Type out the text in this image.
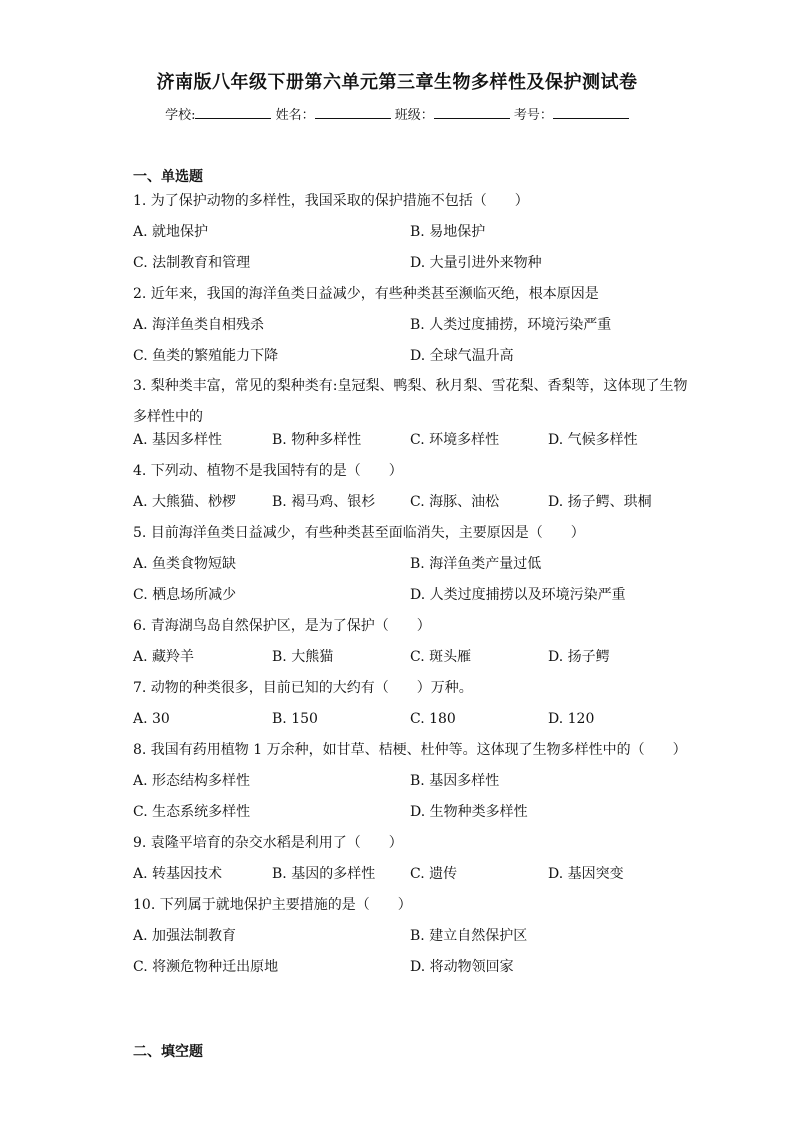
济南版八年级下册第六单元第三章生物多样性及保护测试卷
学校:	姓名：	班级：	考号：
一、单选题
1. 为了保护动物的多样性，我国采取的保护措施不包括（　　）
A. 就地保护	B. 易地保护
C. 法制教育和管理	D. 大量引进外来物种
2. 近年来，我国的海洋鱼类日益减少，有些种类甚至濒临灭绝，根本原因是
A. 海洋鱼类自相残杀	B. 人类过度捕捞，环境污染严重
C. 鱼类的繁殖能力下降	D. 全球气温升高
3. 梨种类丰富，常见的梨种类有:皇冠梨、鸭梨、秋月梨、雪花梨、香梨等，这体现了生物多样性中的
A. 基因多样性	B. 物种多样性	C. 环境多样性	D. 气候多样性
4. 下列动、植物不是我国特有的是（　　）
A. 大熊猫、桫椤	B. 褐马鸡、银杉 C. 海豚、油松	D. 扬子鳄、珙桐
5. 目前海洋鱼类日益减少，有些种类甚至面临消失，主要原因是（　　）
A. 鱼类食物短缺	B. 海洋鱼类产量过低
C. 栖息场所减少	D. 人类过度捕捞以及环境污染严重
6. 青海湖鸟岛自然保护区，是为了保护（　　）
A. 藏羚羊	B. 大熊猫	C. 斑头雁	D. 扬子鳄
7. 动物的种类很多，目前已知的大约有（　　）万种。
A. 30	B. 150	C. 180	D. 120
8. 我国有药用植物 1 万余种，如甘草、桔梗、杜仲等。这体现了生物多样性中的（　　）
A. 形态结构多样性	B. 基因多样性
C. 生态系统多样性	D. 生物种类多样性
9. 袁隆平培育的杂交水稻是利用了（　　）
A. 转基因技术	B. 基因的多样性 C. 遗传	D. 基因突变
10. 下列属于就地保护主要措施的是（　　）
A. 加强法制教育	B. 建立自然保护区
C. 将濒危物种迁出原地	D. 将动物领回家
二、填空题
